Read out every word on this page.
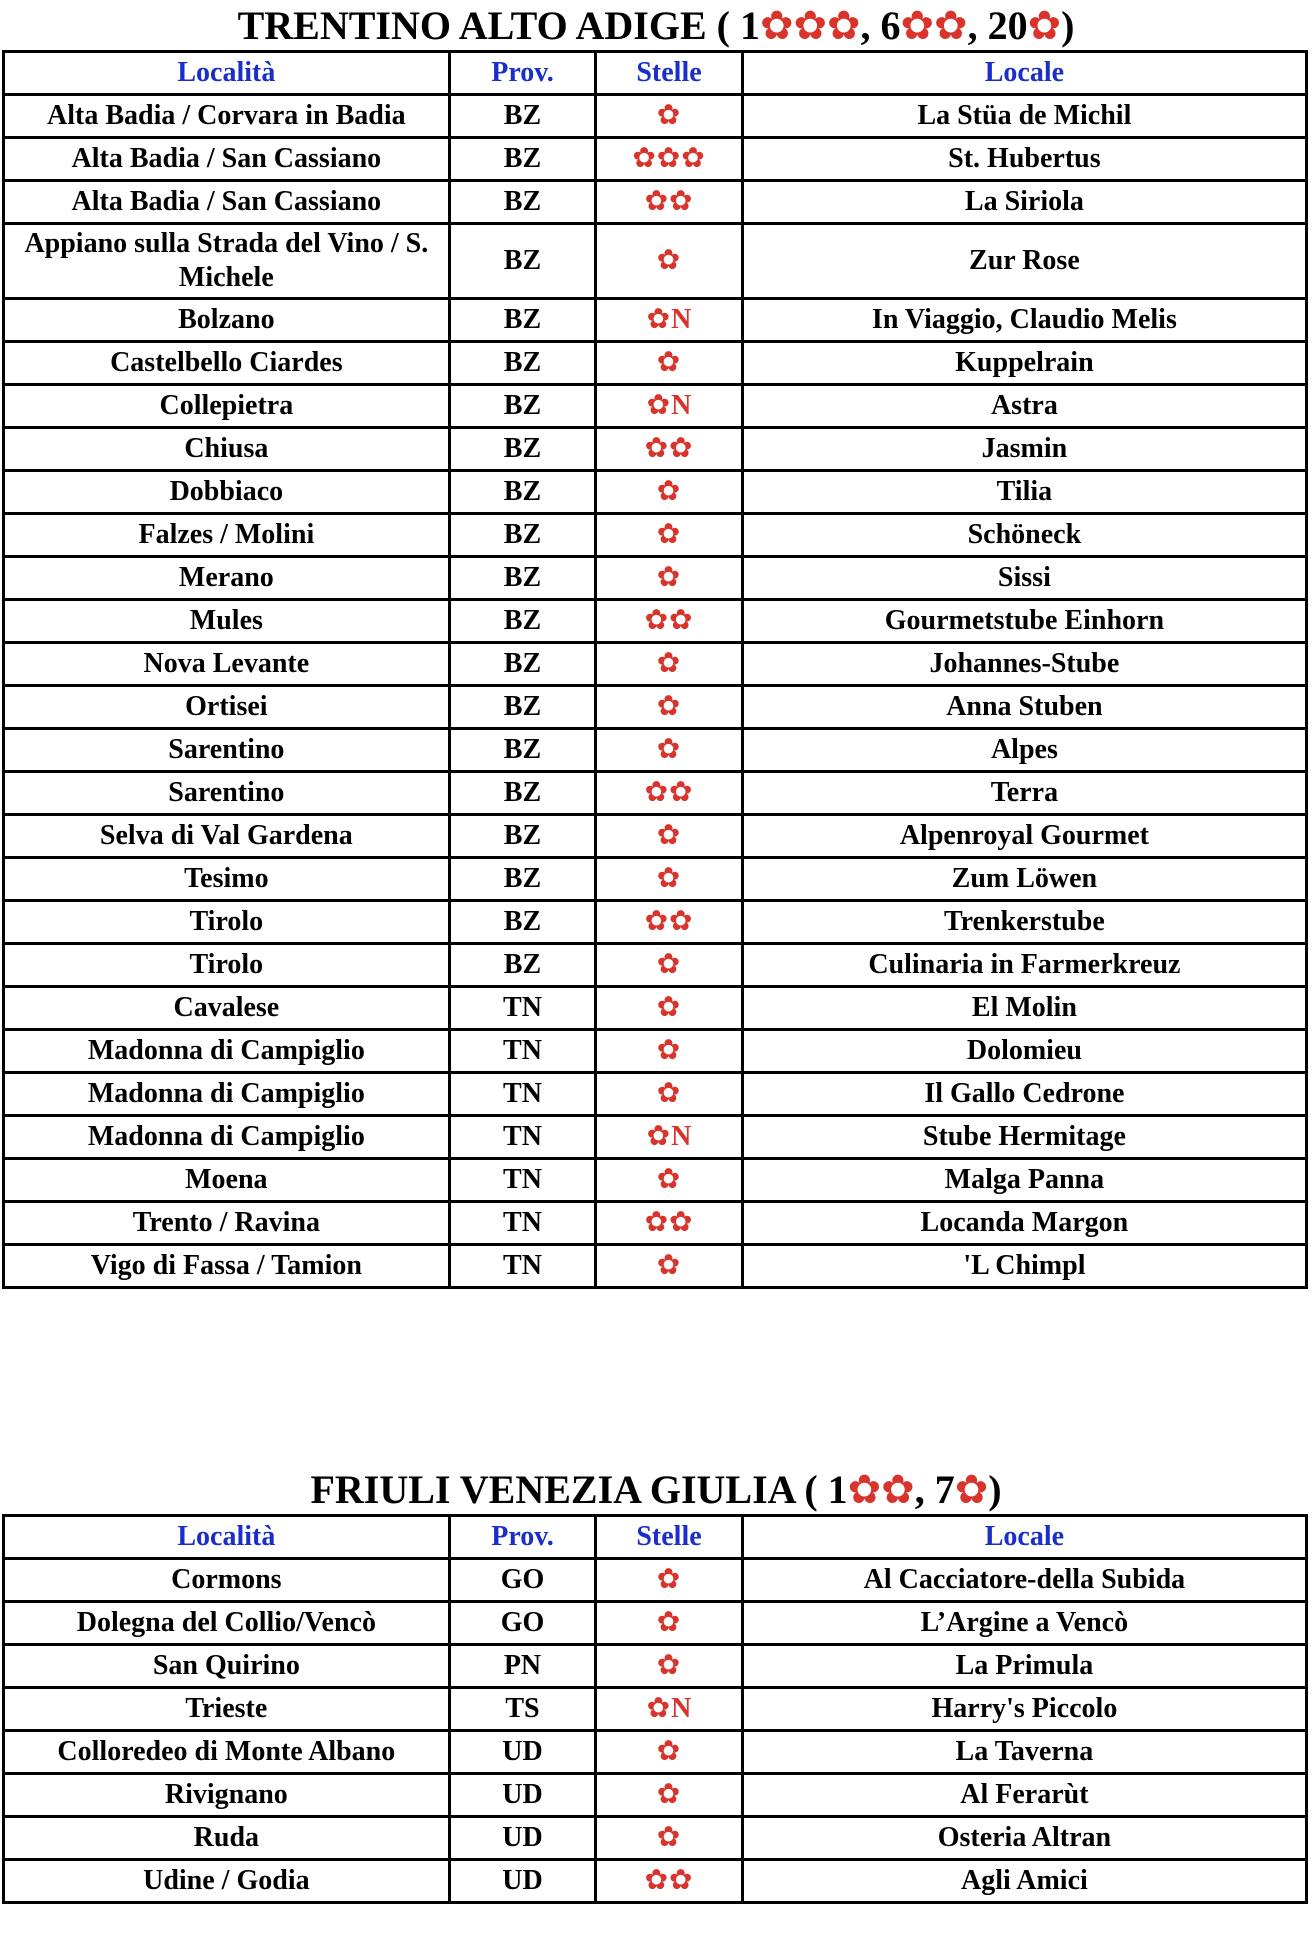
TRENTINO ALTO ADIGE ( 1✿✿✿, 6✿✿, 20✿)
Località	Prov.	Stelle	Locale
Alta Badia / Corvara in Badia	BZ	✿	La Stüa de Michil
Alta Badia / San Cassiano	BZ	✿✿✿	St. Hubertus
Alta Badia / San Cassiano	BZ	✿✿	La Siriola
Appiano sulla Strada del Vino / S. Michele	BZ	✿	Zur Rose
Bolzano	BZ	✿N	In Viaggio, Claudio Melis
Castelbello Ciardes	BZ	✿	Kuppelrain
Collepietra	BZ	✿N	Astra
Chiusa	BZ	✿✿	Jasmin
Dobbiaco	BZ	✿	Tilia
Falzes / Molini	BZ	✿	Schöneck
Merano	BZ	✿	Sissi
Mules	BZ	✿✿	Gourmetstube Einhorn
Nova Levante	BZ	✿	Johannes-Stube
Ortisei	BZ	✿	Anna Stuben
Sarentino	BZ	✿	Alpes
Sarentino	BZ	✿✿	Terra
Selva di Val Gardena	BZ	✿	Alpenroyal Gourmet
Tesimo	BZ	✿	Zum Löwen
Tirolo	BZ	✿✿	Trenkerstube
Tirolo	BZ	✿	Culinaria in Farmerkreuz
Cavalese	TN	✿	El Molin
Madonna di Campiglio	TN	✿	Dolomieu
Madonna di Campiglio	TN	✿	Il Gallo Cedrone
Madonna di Campiglio	TN	✿N	Stube Hermitage
Moena	TN	✿	Malga Panna
Trento / Ravina	TN	✿✿	Locanda Margon
Vigo di Fassa / Tamion	TN	✿	'L Chimpl
FRIULI VENEZIA GIULIA ( 1✿✿, 7✿)
Località	Prov.	Stelle	Locale
Cormons	GO	✿	Al Cacciatore-della Subida
Dolegna del Collio/Vencò	GO	✿	L’Argine a Vencò
San Quirino	PN	✿	La Primula
Trieste	TS	✿N	Harry's Piccolo
Colloredeo di Monte Albano	UD	✿	La Taverna
Rivignano	UD	✿	Al Ferarùt
Ruda	UD	✿	Osteria Altran
Udine / Godia	UD	✿✿	Agli Amici
